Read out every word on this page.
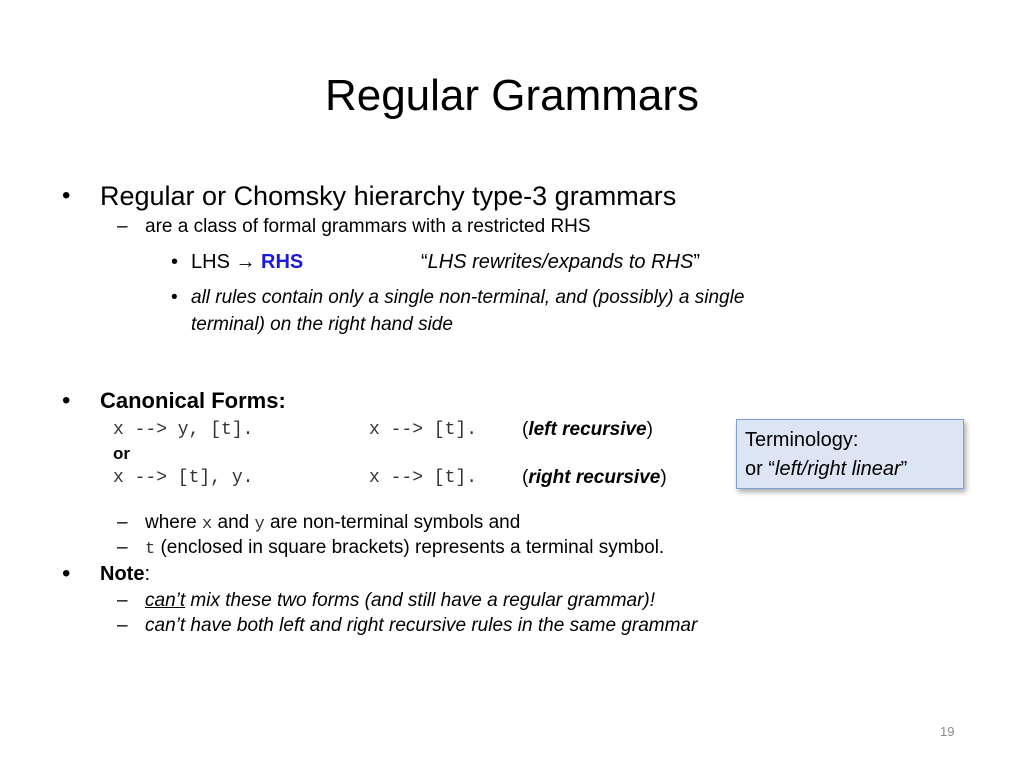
Regular Grammars
• Regular or Chomsky hierarchy type-3 grammars
– are a class of formal grammars with a restricted RHS
• LHS → RHS	“LHS rewrites/expands to RHS”
• all rules contain only a single non-terminal, and (possibly) a single
terminal) on the right hand side
• Canonical Forms:
x --> y, [t].	x --> [t]. (left recursive)
or
x --> [t], y.	x --> [t]. (right recursive)
– where x and y are non-terminal symbols and
– t (enclosed in square brackets) represents a terminal symbol.
• Note:
– can’t mix these two forms (and still have a regular grammar)!
– can’t have both left and right recursive rules in the same grammar
Terminology:
or “left/right linear”
19
